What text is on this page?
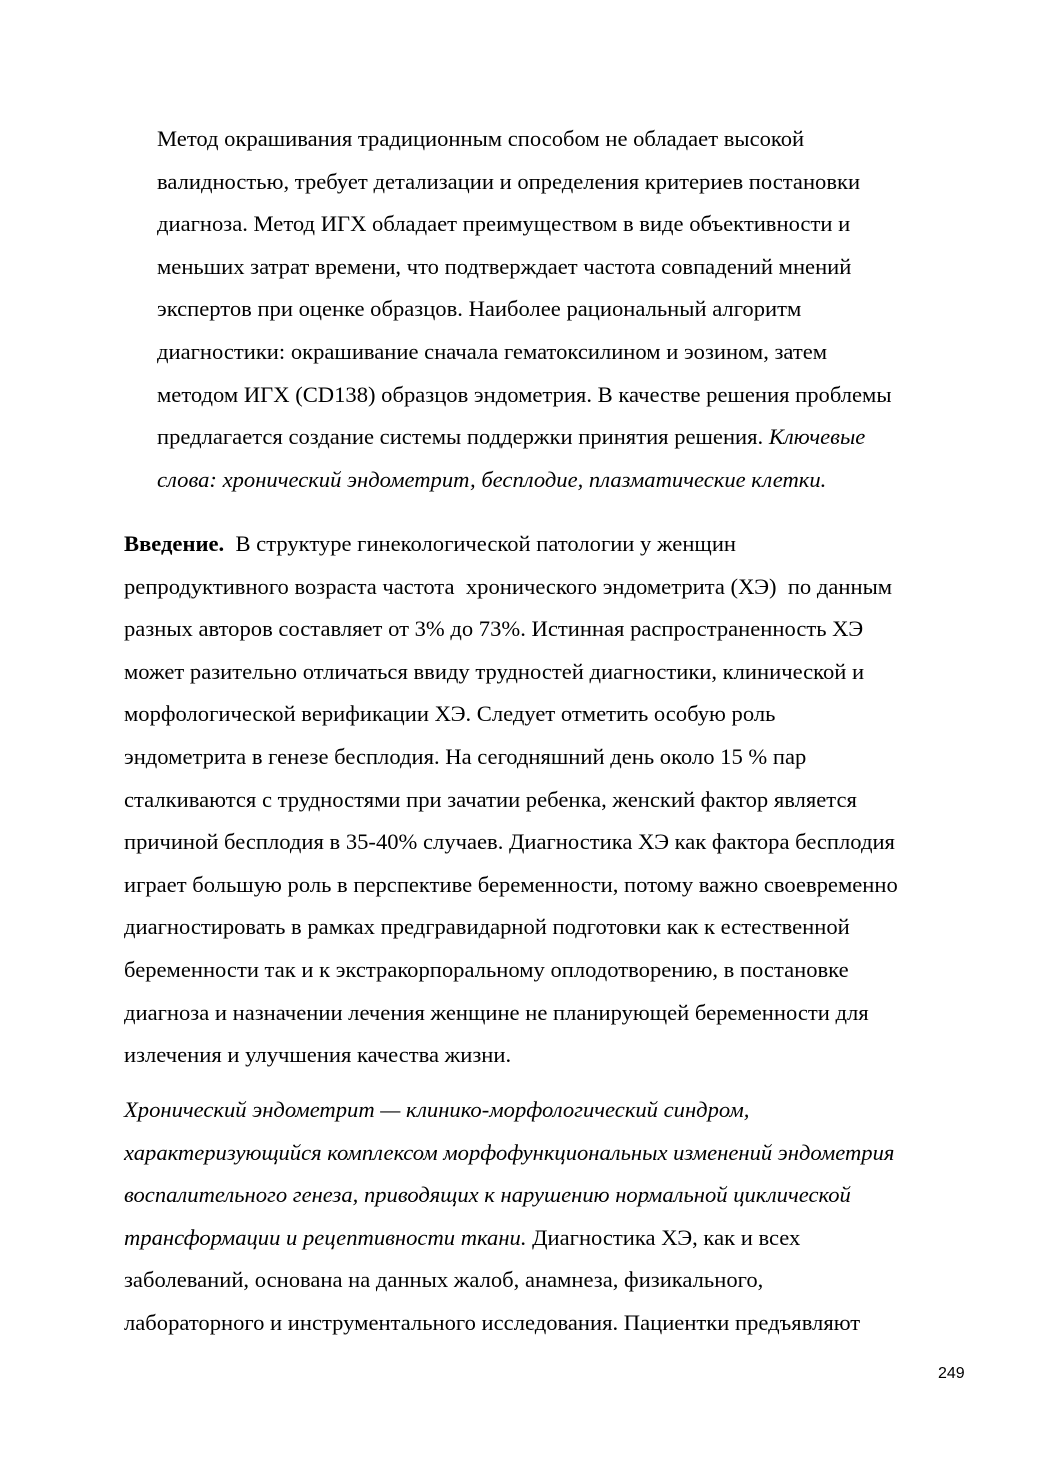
Метод окрашивания традиционным способом не обладает высокой
валидностью, требует детализации и определения критериев постановки
диагноза. Метод ИГХ обладает преимуществом в виде объективности и
меньших затрат времени, что подтверждает частота совпадений мнений
экспертов при оценке образцов. Наиболее рациональный алгоритм
диагностики: окрашивание сначала гематоксилином и эозином, затем
методом ИГХ (CD138) образцов эндометрия. В качестве решения проблемы
предлагается создание системы поддержки принятия решения. Ключевые
слова: хронический эндометрит, бесплодие, плазматические клетки.
Введение.  В структуре гинекологической патологии у женщин
репродуктивного возраста частота  хронического эндометрита (ХЭ)  по данным
разных авторов составляет от 3% до 73%. Истинная распространенность ХЭ
может разительно отличаться ввиду трудностей диагностики, клинической и
морфологической верификации ХЭ. Следует отметить особую роль
эндометрита в генезе бесплодия. На сегодняшний день около 15 % пар
сталкиваются с трудностями при зачатии ребенка, женский фактор является
причиной бесплодия в 35-40% случаев. Диагностика ХЭ как фактора бесплодия
играет большую роль в перспективе беременности, потому важно своевременно
диагностировать в рамках предгравидарной подготовки как к естественной
беременности так и к экстракорпоральному оплодотворению, в постановке
диагноза и назначении лечения женщине не планирующей беременности для
излечения и улучшения качества жизни.
Хронический эндометрит — клинико-морфологический синдром,
характеризующийся комплексом морфофункциональных изменений эндометрия
воспалительного генеза, приводящих к нарушению нормальной циклической
трансформации и рецептивности ткани. Диагностика ХЭ, как и всех
заболеваний, основана на данных жалоб, анамнеза, физикального,
лабораторного и инструментального исследования. Пациентки предъявляют
249
